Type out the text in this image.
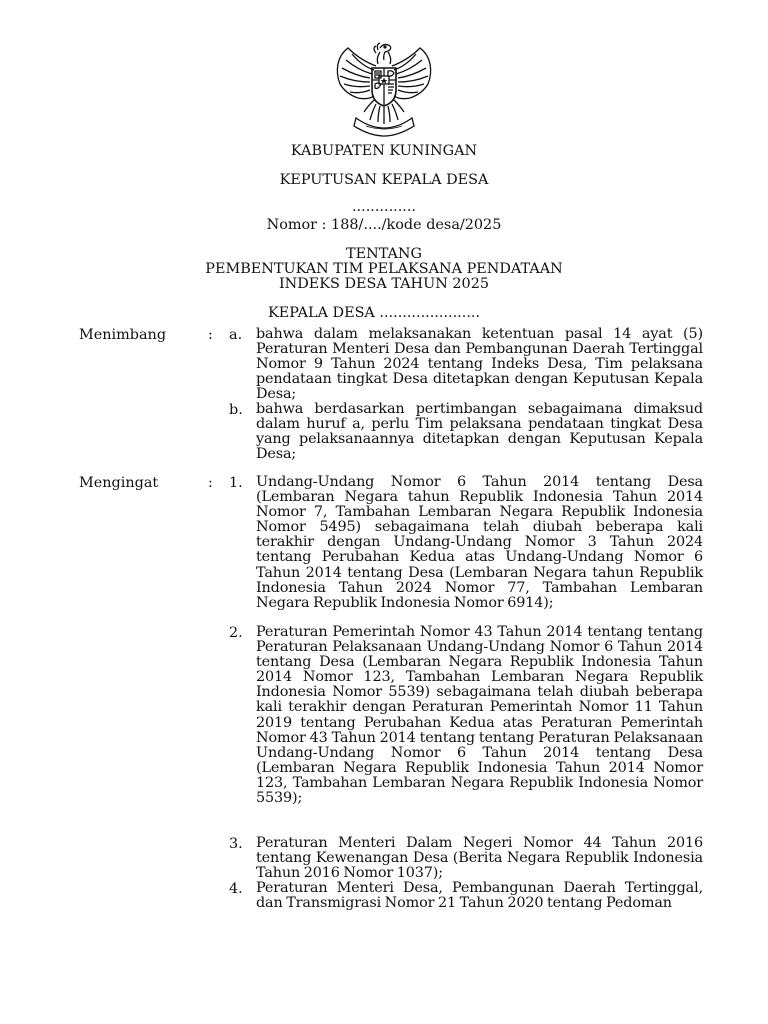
KABUPATEN KUNINGAN
KEPUTUSAN KEPALA DESA
..............
Nomor : 188/..../kode desa/2025
TENTANG
PEMBENTUKAN TIM PELAKSANA PENDATAAN
INDEKS DESA TAHUN 2025
KEPALA DESA ......................
Menimbang	: a. bahwa dalam melaksanakan ketentuan pasal 14 ayat (5) Peraturan Menteri Desa dan Pembangunan Daerah Tertinggal Nomor 9 Tahun 2024 tentang Indeks Desa, Tim pelaksana pendataan tingkat Desa ditetapkan dengan Keputusan Kepala Desa;
b. bahwa berdasarkan pertimbangan sebagaimana dimaksud dalam huruf a, perlu Tim pelaksana pendataan tingkat Desa yang pelaksanaannya ditetapkan dengan Keputusan Kepala Desa;
Mengingat	: 1. Undang-Undang Nomor 6 Tahun 2014 tentang Desa (Lembaran Negara tahun Republik Indonesia Tahun 2014 Nomor 7, Tambahan Lembaran Negara Republik Indonesia Nomor 5495) sebagaimana telah diubah beberapa kali terakhir dengan Undang-Undang Nomor 3 Tahun 2024 tentang Perubahan Kedua atas Undang-Undang Nomor 6 Tahun 2014 tentang Desa (Lembaran Negara tahun Republik Indonesia Tahun 2024 Nomor 77, Tambahan Lembaran Negara Republik Indonesia Nomor 6914);
2. Peraturan Pemerintah Nomor 43 Tahun 2014 tentang tentang Peraturan Pelaksanaan Undang-Undang Nomor 6 Tahun 2014 tentang Desa (Lembaran Negara Republik Indonesia Tahun 2014 Nomor 123, Tambahan Lembaran Negara Republik Indonesia Nomor 5539) sebagaimana telah diubah beberapa kali terakhir dengan Peraturan Pemerintah Nomor 11 Tahun 2019 tentang Perubahan Kedua atas Peraturan Pemerintah Nomor 43 Tahun 2014 tentang tentang Peraturan Pelaksanaan Undang-Undang Nomor 6 Tahun 2014 tentang Desa (Lembaran Negara Republik Indonesia Tahun 2014 Nomor 123, Tambahan Lembaran Negara Republik Indonesia Nomor 5539);
3. Peraturan Menteri Dalam Negeri Nomor 44 Tahun 2016 tentang Kewenangan Desa (Berita Negara Republik Indonesia Tahun 2016 Nomor 1037);
4. Peraturan Menteri Desa, Pembangunan Daerah Tertinggal, dan Transmigrasi Nomor 21 Tahun 2020 tentang Pedoman
